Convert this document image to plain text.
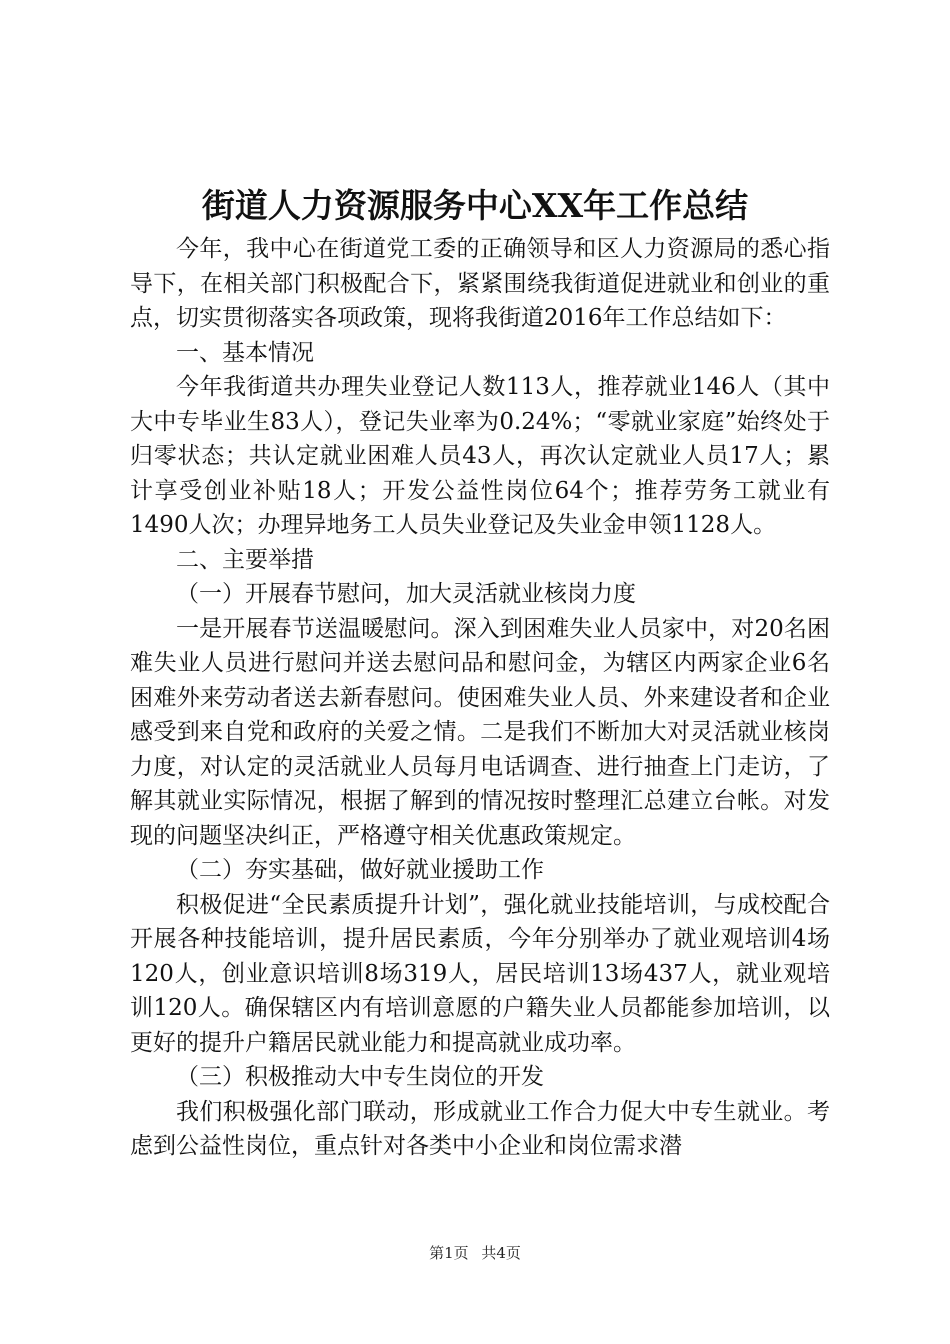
街道人力资源服务中心XX年工作总结

今年，我中心在街道党工委的正确领导和区人力资源局的悉心指导下，在相关部门积极配合下，紧紧围绕我街道促进就业和创业的重点，切实贯彻落实各项政策，现将我街道2016年工作总结如下：

一、基本情况

今年我街道共办理失业登记人数113人，推荐就业146人（其中大中专毕业生83人），登记失业率为0.24%；“零就业家庭”始终处于归零状态；共认定就业困难人员43人，再次认定就业人员17人；累计享受创业补贴18人；开发公益性岗位64个；推荐劳务工就业有1490人次；办理异地务工人员失业登记及失业金申领1128人。

二、主要举措

（一）开展春节慰问，加大灵活就业核岗力度

一是开展春节送温暖慰问。深入到困难失业人员家中，对20名困难失业人员进行慰问并送去慰问品和慰问金，为辖区内两家企业6名困难外来劳动者送去新春慰问。使困难失业人员、外来建设者和企业感受到来自党和政府的关爱之情。二是我们不断加大对灵活就业核岗力度，对认定的灵活就业人员每月电话调查、进行抽查上门走访，了解其就业实际情况，根据了解到的情况按时整理汇总建立台帐。对发现的问题坚决纠正，严格遵守相关优惠政策规定。

（二）夯实基础，做好就业援助工作

积极促进“全民素质提升计划”，强化就业技能培训，与成校配合开展各种技能培训，提升居民素质，今年分别举办了就业观培训4场120人，创业意识培训8场319人，居民培训13场437人，就业观培训120人。确保辖区内有培训意愿的户籍失业人员都能参加培训，以更好的提升户籍居民就业能力和提高就业成功率。

（三）积极推动大中专生岗位的开发

我们积极强化部门联动，形成就业工作合力促大中专生就业。考虑到公益性岗位，重点针对各类中小企业和岗位需求潜

第1页 共4页
